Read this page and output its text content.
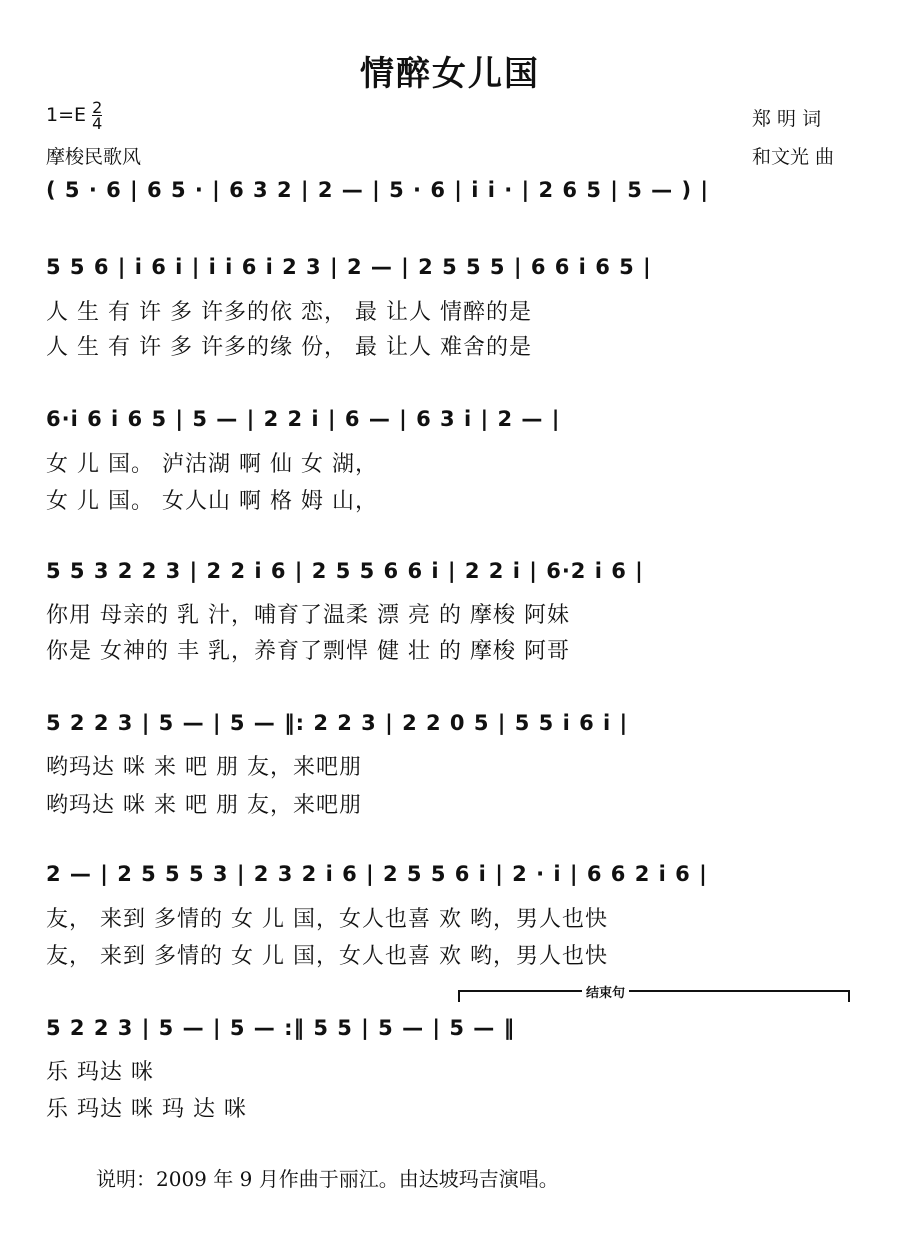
情醉女儿国
$1=E \frac{2}{4}$
摩梭民歌风
郑 明 词
和文光 曲
( 5 · 6 | 6 5 · | 6 3 2 | 2 — | 5 · 6 | i i · | 2 6 5 | 5 — ) |
5 5 6 | i 6 i | i i 6 i 2 3 | 2 — | 2 5 5 5 | 6 6 i 6 5 |
人 生 有 许 多 许多的依 恋， 最 让人 情醉的是
人 生 有 许 多 许多的缘 份， 最 让人 难舍的是
6·i 6 i 6 5 | 5 — | 2 2 i | 6 — | 6 3 i | 2 — |
女 儿 国。 泸沽湖 啊 仙 女 湖，
女 儿 国。 女人山 啊 格 姆 山，
5 5 3 2 2 3 | 2 2 i 6 | 2 5 5 6 6 i | 2 2 i | 6·2 i 6 |
你用 母亲的 乳 汁，哺育了温柔 漂 亮 的 摩梭 阿妹
你是 女神的 丰 乳，养育了剽悍 健 壮 的 摩梭 阿哥
5 2 2 3 | 5 — | 5 — ‖: 2 2 3 | 2 2 0 5 | 5 5 i 6 i |
哟玛达 咪 来 吧 朋 友，来吧朋
哟玛达 咪 来 吧 朋 友，来吧朋
2 — | 2 5 5 5 3 | 2 3 2 i 6 | 2 5 5 6 i | 2 · i | 6 6 2 i 6 |
友， 来到 多情的 女 儿 国，女人也喜 欢 哟，男人也快
友， 来到 多情的 女 儿 国，女人也喜 欢 哟，男人也快
结束句
5 2 2 3 | 5 — | 5 — :‖ 5 5 | 5 — | 5 — ‖
乐 玛达 咪
乐 玛达 咪 玛 达 咪
说明：2009 年 9 月作曲于丽江。由达坡玛吉演唱。
